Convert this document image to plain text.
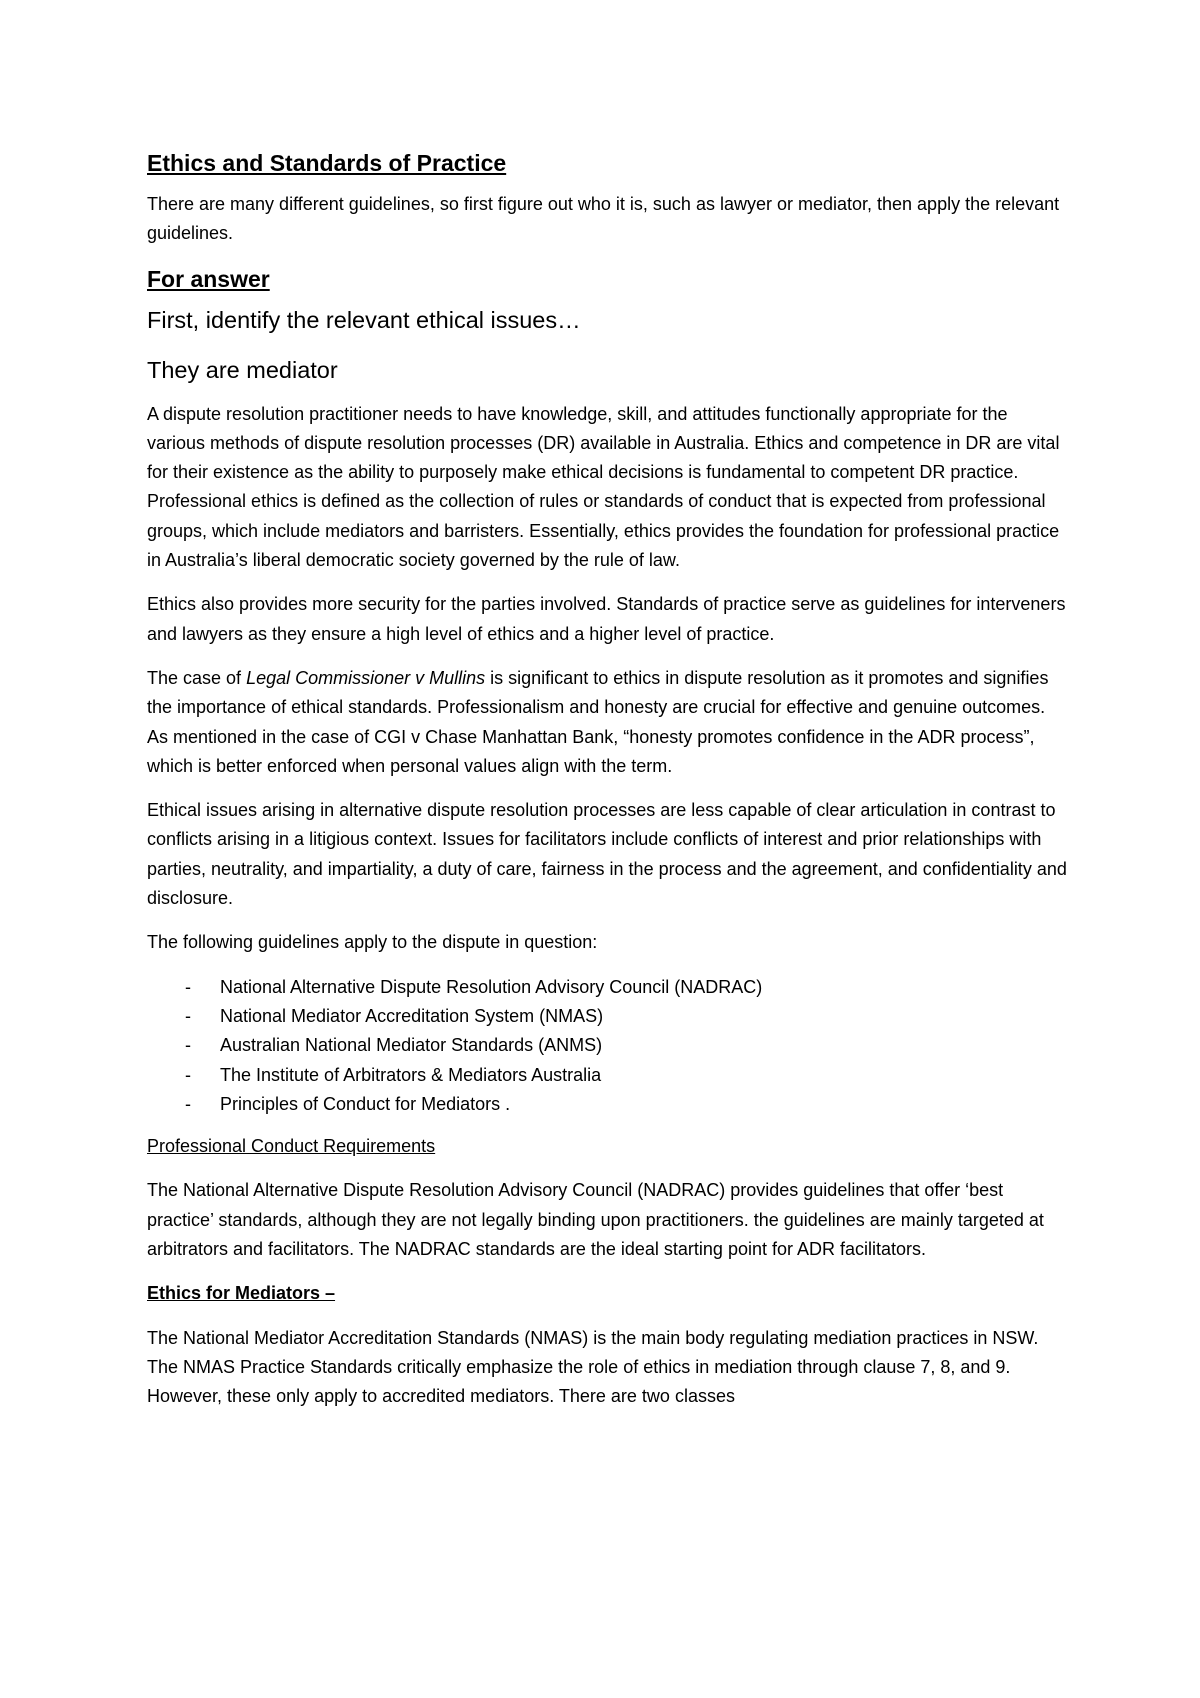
Ethics and Standards of Practice

There are many different guidelines, so first figure out who it is, such as lawyer or mediator, then apply the relevant guidelines.

For answer
First, identify the relevant ethical issues…
They are mediator

A dispute resolution practitioner needs to have knowledge, skill, and attitudes functionally appropriate for the various methods of dispute resolution processes (DR) available in Australia. Ethics and competence in DR are vital for their existence as the ability to purposely make ethical decisions is fundamental to competent DR practice. Professional ethics is defined as the collection of rules or standards of conduct that is expected from professional groups, which include mediators and barristers. Essentially, ethics provides the foundation for professional practice in Australia’s liberal democratic society governed by the rule of law.

Ethics also provides more security for the parties involved. Standards of practice serve as guidelines for interveners and lawyers as they ensure a high level of ethics and a higher level of practice.

The case of Legal Commissioner v Mullins is significant to ethics in dispute resolution as it promotes and signifies the importance of ethical standards. Professionalism and honesty are crucial for effective and genuine outcomes. As mentioned in the case of CGI v Chase Manhattan Bank, “honesty promotes confidence in the ADR process”, which is better enforced when personal values align with the term.

Ethical issues arising in alternative dispute resolution processes are less capable of clear articulation in contrast to conflicts arising in a litigious context. Issues for facilitators include conflicts of interest and prior relationships with parties, neutrality, and impartiality, a duty of care, fairness in the process and the agreement, and confidentiality and disclosure.

The following guidelines apply to the dispute in question:

- National Alternative Dispute Resolution Advisory Council (NADRAC)
- National Mediator Accreditation System (NMAS)
- Australian National Mediator Standards (ANMS)
- The Institute of Arbitrators & Mediators Australia
- Principles of Conduct for Mediators .

Professional Conduct Requirements

The National Alternative Dispute Resolution Advisory Council (NADRAC) provides guidelines that offer ‘best practice’ standards, although they are not legally binding upon practitioners. the guidelines are mainly targeted at arbitrators and facilitators. The NADRAC standards are the ideal starting point for ADR facilitators.

Ethics for Mediators –

The National Mediator Accreditation Standards (NMAS) is the main body regulating mediation practices in NSW. The NMAS Practice Standards critically emphasize the role of ethics in mediation through clause 7, 8, and 9. However, these only apply to accredited mediators. There are two classes
